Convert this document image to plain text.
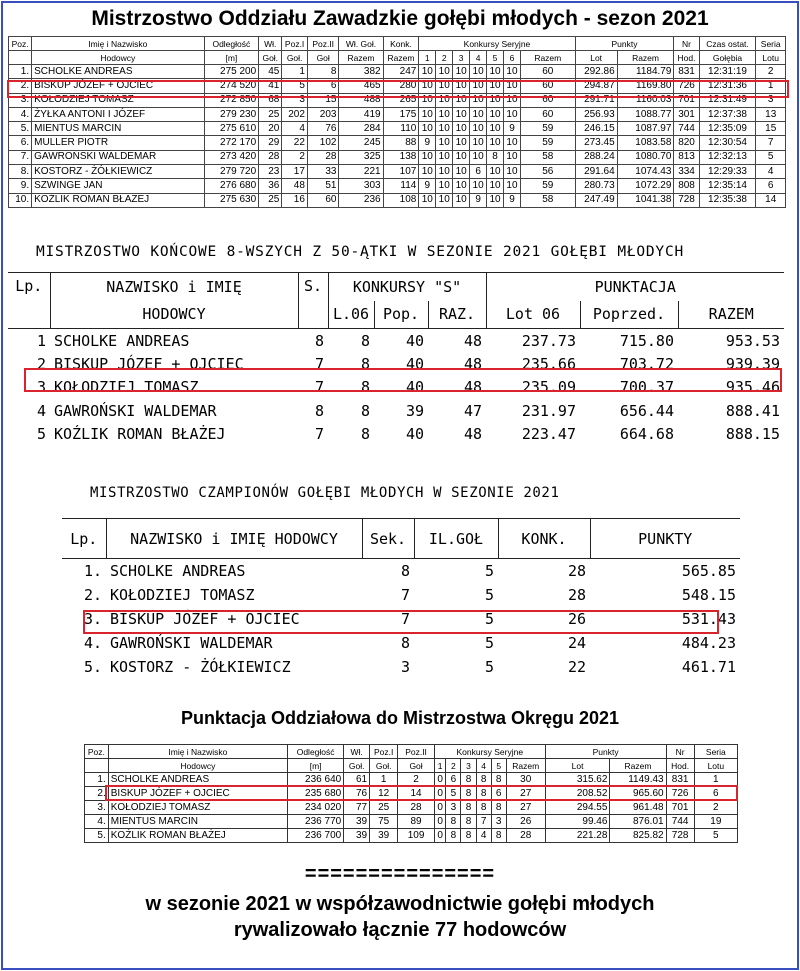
Mistrzostwo Oddziału Zawadzkie gołębi młodych - sezon 2021
Poz.	Imię i Nazwisko	Odległość	Wł.	Poz.I	Poz.II	Wł. Goł.	Konk.	Konkursy Seryjne							Punkty		Nr	Czas ostat.	Seria
	Hodowcy	[m]	Goł.	Goł.	Goł	Razem	Razem	1	2	3	4	5	6	Razem	Lot	Razem	Hod.	Gołębia	Lotu
1.	SCHOLKE ANDREAS	275 200	45	1	8	382	247	10	10	10	10	10	10	60	292.86	1184.79	831	12:31:19	2
2.	BISKUP JÓZEF + OJCIEC	274 520	41	5	6	465	280	10	10	10	10	10	10	60	294.87	1169.80	726	12:31:36	1
3.	KOŁODZIEJ TOMASZ	272 850	68	3	15	488	265	10	10	10	10	10	10	60	291.71	1160.03	701	12:31:49	3
4.	ŻYŁKA ANTONI I JÓZEF	279 230	25	202	203	419	175	10	10	10	10	10	10	60	256.93	1088.77	301	12:37:38	13
5.	MIENTUS MARCIN	275 610	20	4	76	284	110	10	10	10	10	10	9	59	246.15	1087.97	744	12:35:09	15
6.	MULLER PIOTR	272 170	29	22	102	245	88	9	10	10	10	10	10	59	273.45	1083.58	820	12:30:54	7
7.	GAWROŃSKI WALDEMAR	273 420	28	2	28	325	138	10	10	10	10	8	10	58	288.24	1080.70	813	12:32:13	5
8.	KOSTORZ - ŻÓŁKIEWICZ	279 720	23	17	33	221	107	10	10	10	6	10	10	56	291.64	1074.43	334	12:29:33	4
9.	SZWINGE JAN	276 680	36	48	51	303	114	9	10	10	10	10	10	59	280.73	1072.29	808	12:35:14	6
10.	KOŹLIK ROMAN BŁAŻEJ	275 630	25	16	60	236	108	10	10	10	9	10	9	58	247.49	1041.38	728	12:35:38	14
MISTRZOSTWO KOŃCOWE 8-WSZYCH Z 50-ĄTKI W SEZONIE 2021 GOŁĘBI MŁODYCH
Lp.	NAZWISKO i IMIĘ	S.	KONKURSY "S"			PUNKTACJA		
	HODOWCY		L.06	Pop.	RAZ.	Lot 06	Poprzed.	RAZEM
1	SCHOLKE ANDREAS	8	8	40	48	237.73	715.80	953.53
2	BISKUP JÓZEF + OJCIEC	7	8	40	48	235.66	703.72	939.39
3	KOŁODZIEJ TOMASZ	7	8	40	48	235.09	700.37	935.46
4	GAWROŃSKI WALDEMAR	8	8	39	47	231.97	656.44	888.41
5	KOŹLIK ROMAN BŁAŻEJ	7	8	40	48	223.47	664.68	888.15
MISTRZOSTWO CZAMPIONÓW GOŁĘBI MŁODYCH W SEZONIE 2021
Lp.	NAZWISKO i IMIĘ HODOWCY	Sek.	IL.GOŁ	KONK.	PUNKTY
1.	SCHOLKE ANDREAS	8	5	28	565.85
2.	KOŁODZIEJ TOMASZ	7	5	28	548.15
3.	BISKUP JÓZEF + OJCIEC	7	5	26	531.43
4.	GAWROŃSKI WALDEMAR	8	5	24	484.23
5.	KOSTORZ - ŻÓŁKIEWICZ	3	5	22	461.71
Punktacja Oddziałowa do Mistrzostwa Okręgu 2021
Poz.	Imię i Nazwisko	Odległość	Wł.	Poz.I	Poz.II	Konkursy Seryjne						Punkty		Nr	Seria
	Hodowcy	[m]	Goł.	Goł.	Goł	1	2	3	4	5	Razem	Lot	Razem	Hod.	Lotu
1.	SCHOLKE ANDREAS	236 640	61	1	2	0	6	8	8	8	30	315.62	1149.43	831	1
2.	BISKUP JÓZEF + OJCIEC	235 680	76	12	14	0	5	8	8	6	27	208.52	965.60	726	6
3.	KOŁODZIEJ TOMASZ	234 020	77	25	28	0	3	8	8	8	27	294.55	961.48	701	2
4.	MIENTUS MARCIN	236 770	39	75	89	0	8	8	7	3	26	99.46	876.01	744	19
5.	KOŹLIK ROMAN BŁAŻEJ	236 700	39	39	109	0	8	8	4	8	28	221.28	825.82	728	5
===============
w sezonie 2021 w współzawodnictwie gołębi młodych
rywalizowało łącznie 77 hodowców
